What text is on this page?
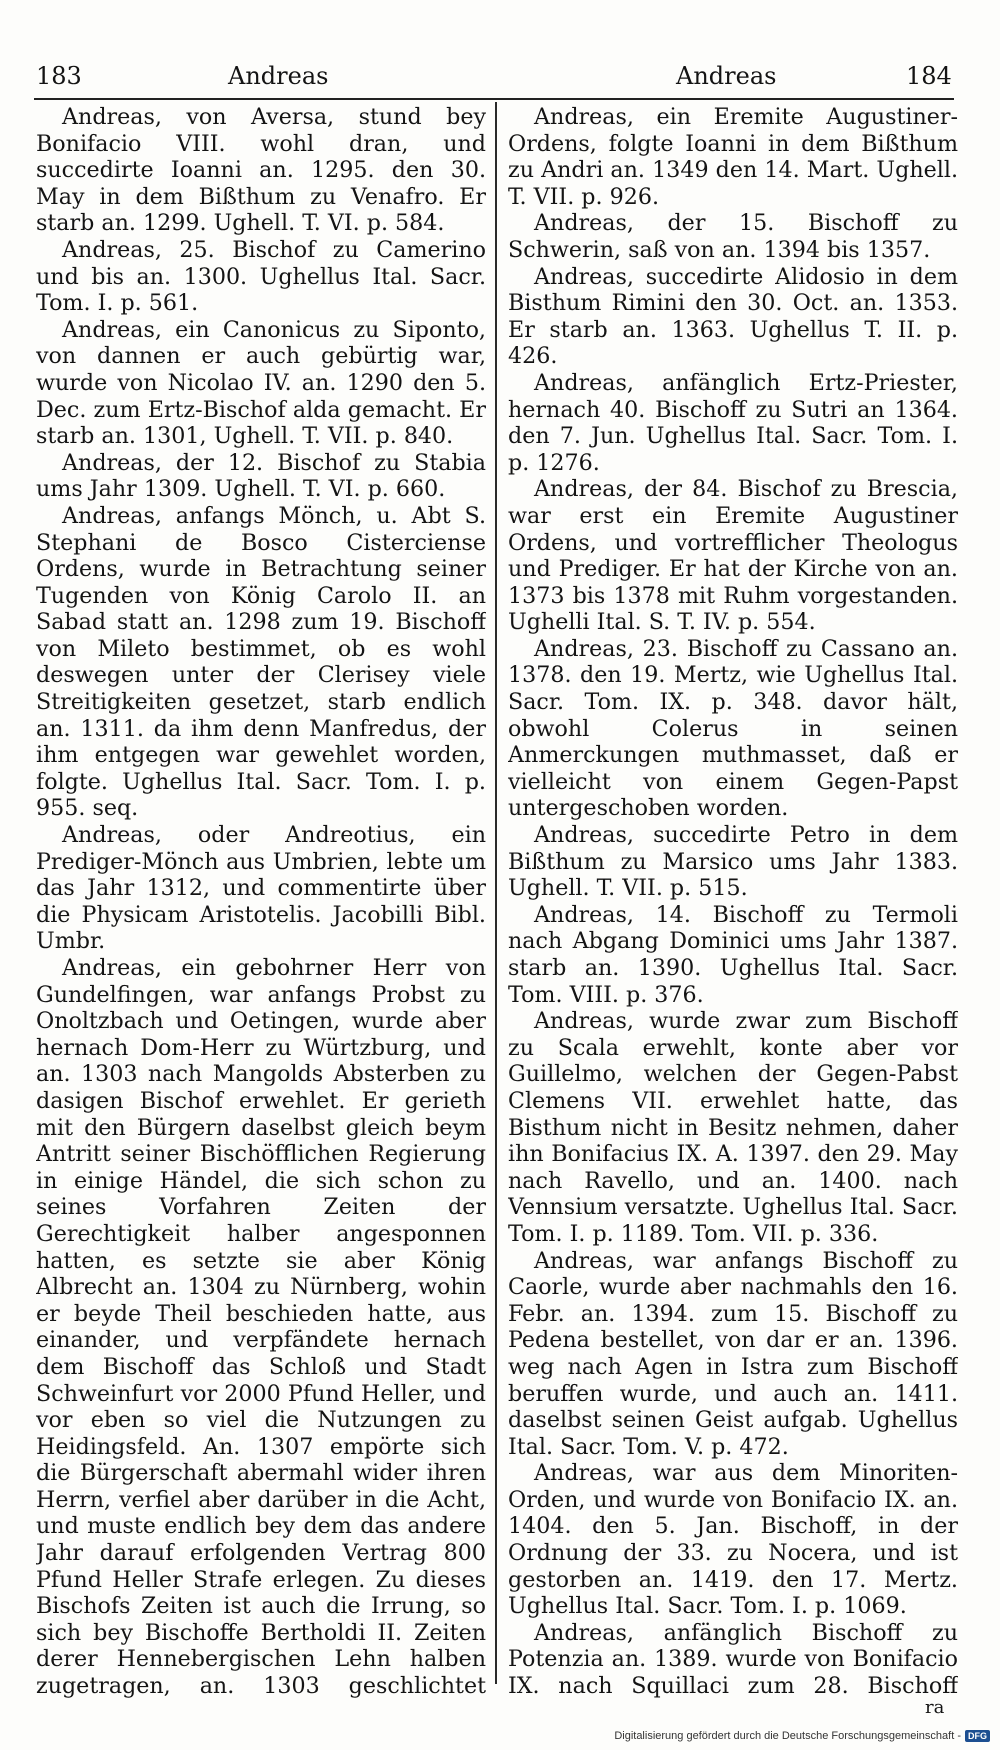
183	Andreas	Andreas	184

Andreas, von Aversa, stund bey Bonifacio VIII. wohl dran, und succedirte Ioanni an. 1295. den 30. May in dem Bißthum zu Venafro. Er starb an. 1299. Ughell. T. VI. p. 584.

Andreas, 25. Bischof zu Camerino und bis an. 1300. Ughellus Ital. Sacr. Tom. I. p. 561.

Andreas, ein Canonicus zu Siponto, von dannen er auch gebürtig war, wurde von Nicolao IV. an. 1290 den 5. Dec. zum Ertz-Bischof alda gemacht. Er starb an. 1301, Ughell. T. VII. p. 840.

Andreas, der 12. Bischof zu Stabia ums Jahr 1309. Ughell. T. VI. p. 660.

Andreas, anfangs Mönch, u. Abt S. Stephani de Bosco Cisterciense Ordens, wurde in Betrachtung seiner Tugenden von König Carolo II. an Sabad statt an. 1298 zum 19. Bischoff von Mileto bestimmet, ob es wohl deswegen unter der Clerisey viele Streitigkeiten gesetzet, starb endlich an. 1311. da ihm denn Manfredus, der ihm entgegen war gewehlet worden, folgte. Ughellus Ital. Sacr. Tom. I. p. 955. seq.

Andreas, oder Andreotius, ein Prediger-Mönch aus Umbrien, lebte um das Jahr 1312, und commentirte über die Physicam Aristotelis. Jacobilli Bibl. Umbr.

Andreas, ein gebohrner Herr von Gundelfingen, war anfangs Probst zu Onoltzbach und Oetingen, wurde aber hernach Dom-Herr zu Würtzburg, und an. 1303 nach Mangolds Absterben zu dasigen Bischof erwehlet. Er gerieth mit den Bürgern daselbst gleich beym Antritt seiner Bischöfflichen Regierung in einige Händel, die sich schon zu seines Vorfahren Zeiten der Gerechtigkeit halber angesponnen hatten, es setzte sie aber König Albrecht an. 1304 zu Nürnberg, wohin er beyde Theil beschieden hatte, aus einander, und verpfändete hernach dem Bischoff das Schloß und Stadt Schweinfurt vor 2000 Pfund Heller, und vor eben so viel die Nutzungen zu Heidingsfeld. An. 1307 empörte sich die Bürgerschaft abermahl wider ihren Herrn, verfiel aber darüber in die Acht, und muste endlich bey dem das andere Jahr darauf erfolgenden Vertrag 800 Pfund Heller Strafe erlegen. Zu dieses Bischofs Zeiten ist auch die Irrung, so sich bey Bischoffe Bertholdi II. Zeiten derer Hennebergischen Lehn halben zugetragen, an. 1303 geschlichtet

Andreas, ein Eremite Augustiner-Ordens, folgte Ioanni in dem Bißthum zu Andri an. 1349 den 14. Mart. Ughell. T. VII. p. 926.

Andreas, der 15. Bischoff zu Schwerin, saß von an. 1394 bis 1357.

Andreas, succedirte Alidosio in dem Bisthum Rimini den 30. Oct. an. 1353. Er starb an. 1363. Ughellus T. II. p. 426.

Andreas, anfänglich Ertz-Priester, hernach 40. Bischoff zu Sutri an 1364. den 7. Jun. Ughellus Ital. Sacr. Tom. I. p. 1276.

Andreas, der 84. Bischof zu Brescia, war erst ein Eremite Augustiner Ordens, und vortrefflicher Theologus und Prediger. Er hat der Kirche von an. 1373 bis 1378 mit Ruhm vorgestanden. Ughelli Ital. S. T. IV. p. 554.

Andreas, 23. Bischoff zu Cassano an. 1378. den 19. Mertz, wie Ughellus Ital. Sacr. Tom. IX. p. 348. davor hält, obwohl Colerus in seinen Anmerckungen muthmasset, daß er vielleicht von einem Gegen-Papst untergeschoben worden.

Andreas, succedirte Petro in dem Bißthum zu Marsico ums Jahr 1383. Ughell. T. VII. p. 515.

Andreas, 14. Bischoff zu Termoli nach Abgang Dominici ums Jahr 1387. starb an. 1390. Ughellus Ital. Sacr. Tom. VIII. p. 376.

Andreas, wurde zwar zum Bischoff zu Scala erwehlt, konte aber vor Guillelmo, welchen der Gegen-Pabst Clemens VII. erwehlet hatte, das Bisthum nicht in Besitz nehmen, daher ihn Bonifacius IX. A. 1397. den 29. May nach Ravello, und an. 1400. nach Vennsium versatzte. Ughellus Ital. Sacr. Tom. I. p. 1189. Tom. VII. p. 336.

Andreas, war anfangs Bischoff zu Caorle, wurde aber nachmahls den 16. Febr. an. 1394. zum 15. Bischoff zu Pedena bestellet, von dar er an. 1396. weg nach Agen in Istra zum Bischoff beruffen wurde, und auch an. 1411. daselbst seinen Geist aufgab. Ughellus Ital. Sacr. Tom. V. p. 472.

Andreas, war aus dem Minoriten-Orden, und wurde von Bonifacio IX. an. 1404. den 5. Jan. Bischoff, in der Ordnung der 33. zu Nocera, und ist gestorben an. 1419. den 17. Mertz. Ughellus Ital. Sacr. Tom. I. p. 1069.

Andreas, anfänglich Bischoff zu Potenzia an. 1389. wurde von Bonifacio IX. nach Squillaci zum 28. Bischoff

ra
Digitalisierung gefördert durch die Deutsche Forschungsgemeinschaft - DFG
